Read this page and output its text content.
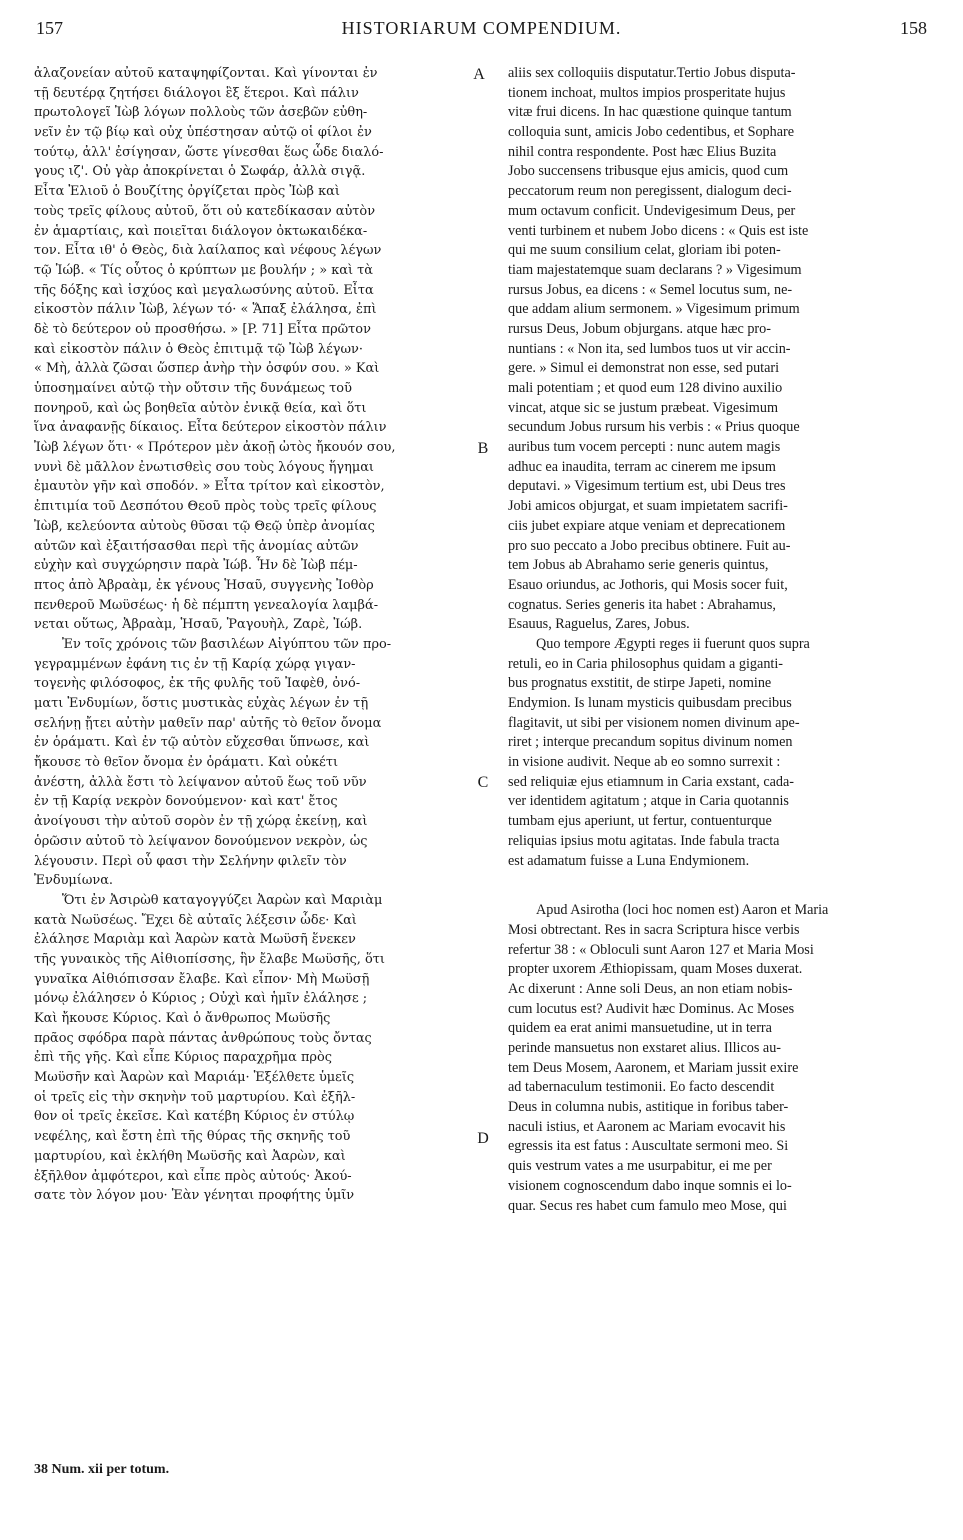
157	HISTORIARUM COMPENDIUM.	158
ἀλαζονείαν αὐτοῦ καταψηφίζονται. Καὶ γίνονται ἐν
τῇ δευτέρᾳ ζητήσει διάλογοι ἓξ ἕτεροι. Καὶ πάλιν
πρωτολογεῖ Ἰὼβ λόγων πολλοὺς τῶν ἀσεβῶν εὐθη-
νεῖν ἐν τῷ βίῳ καὶ οὐχ ὑπέστησαν αὐτῷ οἱ φίλοι ἐν
τούτῳ, ἀλλ' ἐσίγησαν, ὥστε γίνεσθαι ἕως ὧδε διαλό-
γους ιζ'. Οὐ γὰρ ἀποκρίνεται ὁ Σωφάρ, ἀλλὰ σιγᾷ.
Εἶτα Ἐλιοῦ ὁ Βουζίτης ὀργίζεται πρὸς Ἰὼβ καὶ
τοὺς τρεῖς φίλους αὐτοῦ, ὅτι οὐ κατεδίκασαν αὐτὸν
ἐν ἁμαρτίαις, καὶ ποιεῖται διάλογον ὀκτωκαιδέκα-
τον. Εἶτα ιθ' ὁ Θεὸς, διὰ λαίλαπος καὶ νέφους λέγων
τῷ Ἰώβ. « Τίς οὗτος ὁ κρύπτων με βουλήν ; » καὶ τὰ
τῆς δόξης καὶ ἰσχύος καὶ μεγαλωσύνης αὐτοῦ. Εἶτα
εἰκοστὸν πάλιν Ἰὼβ, λέγων τό· « Ἅπαξ ἐλάλησα, ἐπὶ
δὲ τὸ δεύτερον οὐ προσθήσω. » [P. 71] Εἶτα πρῶτον
καὶ εἰκοστὸν πάλιν ὁ Θεὸς ἐπιτιμᾷ τῷ Ἰὼβ λέγων·
« Μὴ, ἀλλὰ ζῶσαι ὥσπερ ἀνὴρ τὴν ὀσφύν σου. » Καὶ
ὑποσημαίνει αὐτῷ τὴν οὔτσιν τῆς δυνάμεως τοῦ
πονηροῦ, καὶ ὡς βοηθεῖα αὐτὸν ἐνικᾷ θεία, καὶ ὅτι
ἵνα ἀναφανῇς δίκαιος. Εἶτα δεύτερον εἰκοστὸν πάλιν
Ἰὼβ λέγων ὅτι· « Πρότερον μὲν ἀκοῇ ὠτὸς ἤκουόν σου,
νυνὶ δὲ μᾶλλον ἐνωτισθεὶς σου τοὺς λόγους ἥγημαι
ἐμαυτὸν γῆν καὶ σποδόν. » Εἶτα τρίτον καὶ εἰκοστὸν,
ἐπιτιμία τοῦ Δεσπότου Θεοῦ πρὸς τοὺς τρεῖς φίλους
Ἰὼβ, κελεύοντα αὐτοὺς θῦσαι τῷ Θεῷ ὑπὲρ ἀνομίας
αὐτῶν καὶ ἐξαιτήσασθαι περὶ τῆς ἀνομίας αὐτῶν
εὐχὴν καὶ συγχώρησιν παρὰ Ἰώβ. Ἦν δὲ Ἰὼβ πέμ-
πτος ἀπὸ Ἀβραὰμ, ἐκ γένους Ἡσαῦ, συγγενὴς Ἰοθὸρ
πενθεροῦ Μωϋσέως· ἡ δὲ πέμπτη γενεαλογία λαμβά-
νεται οὕτως, Ἀβραὰμ, Ἡσαῦ, Ῥαγουὴλ, Ζαρὲ, Ἰώβ.
Ἐν τοῖς χρόνοις τῶν βασιλέων Αἰγύπτου τῶν προ-
γεγραμμένων ἐφάνη τις ἐν τῇ Καρίᾳ χώρᾳ γιγαν-
τογενὴς φιλόσοφος, ἐκ τῆς φυλῆς τοῦ Ἰαφὲθ, ὀνό-
ματι Ἐνδυμίων, ὅστις μυστικὰς εὐχὰς λέγων ἐν τῇ
σελήνῃ ᾔτει αὐτὴν μαθεῖν παρ' αὐτῆς τὸ θεῖον ὄνομα
ἐν ὁράματι. Καὶ ἐν τῷ αὐτὸν εὔχεσθαι ὕπνωσε, καὶ
ἤκουσε τὸ θεῖον ὄνομα ἐν ὁράματι. Καὶ οὐκέτι
ἀνέστη, ἀλλὰ ἔστι τὸ λείψανον αὐτοῦ ἕως τοῦ νῦν
ἐν τῇ Καρίᾳ νεκρὸν δονούμενον· καὶ κατ' ἔτος
ἀνοίγουσι τὴν αὐτοῦ σορὸν ἐν τῇ χώρᾳ ἐκείνῃ, καὶ
ὁρῶσιν αὐτοῦ τὸ λείψανον δονούμενον νεκρὸν, ὡς
λέγουσιν. Περὶ οὗ φασι τὴν Σελήνην φιλεῖν τὸν
Ἐνδυμίωνα.
Ὅτι ἐν Ἀσιρὼθ καταγογγύζει Ἀαρὼν καὶ Μαριὰμ
κατὰ Νωϋσέως. Ἔχει δὲ αὐταῖς λέξεσιν ὧδε· Καὶ
ἐλάλησε Μαριὰμ καὶ Ἀαρὼν κατὰ Μωϋσῆ ἕνεκεν
τῆς γυναικὸς τῆς Αἰθιοπίσσης, ἣν ἔλαβε Μωϋσῆς, ὅτι
γυναῖκα Αἰθιόπισσαν ἔλαβε. Καὶ εἶπον· Μὴ Μωϋσῇ
μόνῳ ἐλάλησεν ὁ Κύριος ; Οὐχὶ καὶ ἡμῖν ἐλάλησε ;
Καὶ ἤκουσε Κύριος. Καὶ ὁ ἄνθρωπος Μωϋσῆς
πρᾶος σφόδρα παρὰ πάντας ἀνθρώπους τοὺς ὄντας
ἐπὶ τῆς γῆς. Καὶ εἶπε Κύριος παραχρῆμα πρὸς
Μωϋσῆν καὶ Ἀαρὼν καὶ Μαριάμ· Ἐξέλθετε ὑμεῖς
οἱ τρεῖς εἰς τὴν σκηνὴν τοῦ μαρτυρίου. Καὶ ἐξῆλ-
θον οἱ τρεῖς ἐκεῖσε. Καὶ κατέβη Κύριος ἐν στύλῳ
νεφέλης, καὶ ἔστη ἐπὶ τῆς θύρας τῆς σκηνῆς τοῦ
μαρτυρίου, καὶ ἐκλήθη Μωϋσῆς καὶ Ἀαρὼν, καὶ
ἐξῆλθον ἀμφότεροι, καὶ εἶπε πρὸς αὐτούς· Ἀκού-
σατε τὸν λόγον μου· Ἐὰν γένηται προφήτης ὑμῖν
aliis sex colloquiis disputatur.Tertio Jobus disputa-
tionem inchoat, multos impios prosperitate hujus
vitæ frui dicens. In hac quæstione quinque tantum
colloquia sunt, amicis Jobo cedentibus, et Sophare
nihil contra respondente. Post hæc Elius Buzita
Jobo succensens tribusque ejus amicis, quod cum
peccatorum reum non peregissent, dialogum deci-
mum octavum conficit. Undevigesimum Deus, per
venti turbinem et nubem Jobo dicens : « Quis est iste
qui me suum consilium celat, gloriam ibi poten-
tiam majestatemque suam declarans ? » Vigesimum
rursus Jobus, ea dicens : « Semel locutus sum, ne-
que addam alium sermonem. » Vigesimum primum
rursus Deus, Jobum objurgans. atque hæc pro-
nuntians : « Non ita, sed lumbos tuos ut vir accin-
gere. » Simul ei demonstrat non esse, sed putari
mali potentiam ; et quod eum 128 divino auxilio
vincat, atque sic se justum præbeat. Vigesimum
secundum Jobus rursum his verbis : « Prius quoque
auribus tum vocem percepti : nunc autem magis
adhuc ea inaudita, terram ac cinerem me ipsum
deputavi. » Vigesimum tertium est, ubi Deus tres
Jobi amicos objurgat, et suam impietatem sacrifi-
ciis jubet expiare atque veniam et deprecationem
pro suo peccato a Jobo precibus obtinere. Fuit au-
tem Jobus ab Abrahamo serie generis quintus,
Esauo oriundus, ac Jothoris, qui Mosis socer fuit,
cognatus. Series generis ita habet : Abrahamus,
Esauus, Raguelus, Zares, Jobus.
Quo tempore Ægypti reges ii fuerunt quos supra
retuli, eo in Caria philosophus quidam a giganti-
bus prognatus exstitit, de stirpe Japeti, nomine
Endymion. Is lunam mysticis quibusdam precibus
flagitavit, ut sibi per visionem nomen divinum ape-
riret ; interque precandum sopitus divinum nomen
in visione audivit. Neque ab eo somno surrexit :
sed reliquiæ ejus etiamnum in Caria exstant, cada-
ver identidem agitatum ; atque in Caria quotannis
tumbam ejus aperiunt, ut fertur, contuenturque
reliquias ipsius motu agitatas. Inde fabula tracta
est adamatum fuisse a Luna Endymionem.
Apud Asirotha (loci hoc nomen est) Aaron et Maria
Mosi obtrectant. Res in sacra Scriptura hisce verbis
refertur 38 : « Obloculi sunt Aaron 127 et Maria Mosi
propter uxorem Æthiopissam, quam Moses duxerat.
Ac dixerunt : Anne soli Deus, an non etiam nobis-
cum locutus est? Audivit hæc Dominus. Ac Moses
quidem ea erat animi mansuetudine, ut in terra
perinde mansuetus non exstaret alius. Illicos au-
tem Deus Mosem, Aaronem, et Mariam jussit exire
ad tabernaculum testimonii. Eo facto descendit
Deus in columna nubis, astitique in foribus taber-
naculi istius, et Aaronem ac Mariam evocavit his
egressis ita est fatus : Auscultate sermoni meo. Si
quis vestrum vates a me usurpabitur, ei me per
visionem cognoscendum dabo inque somnis ei lo-
quar. Secus res habet cum famulo meo Mose, qui
A
B
C
D
38 Num. xii per totum.
